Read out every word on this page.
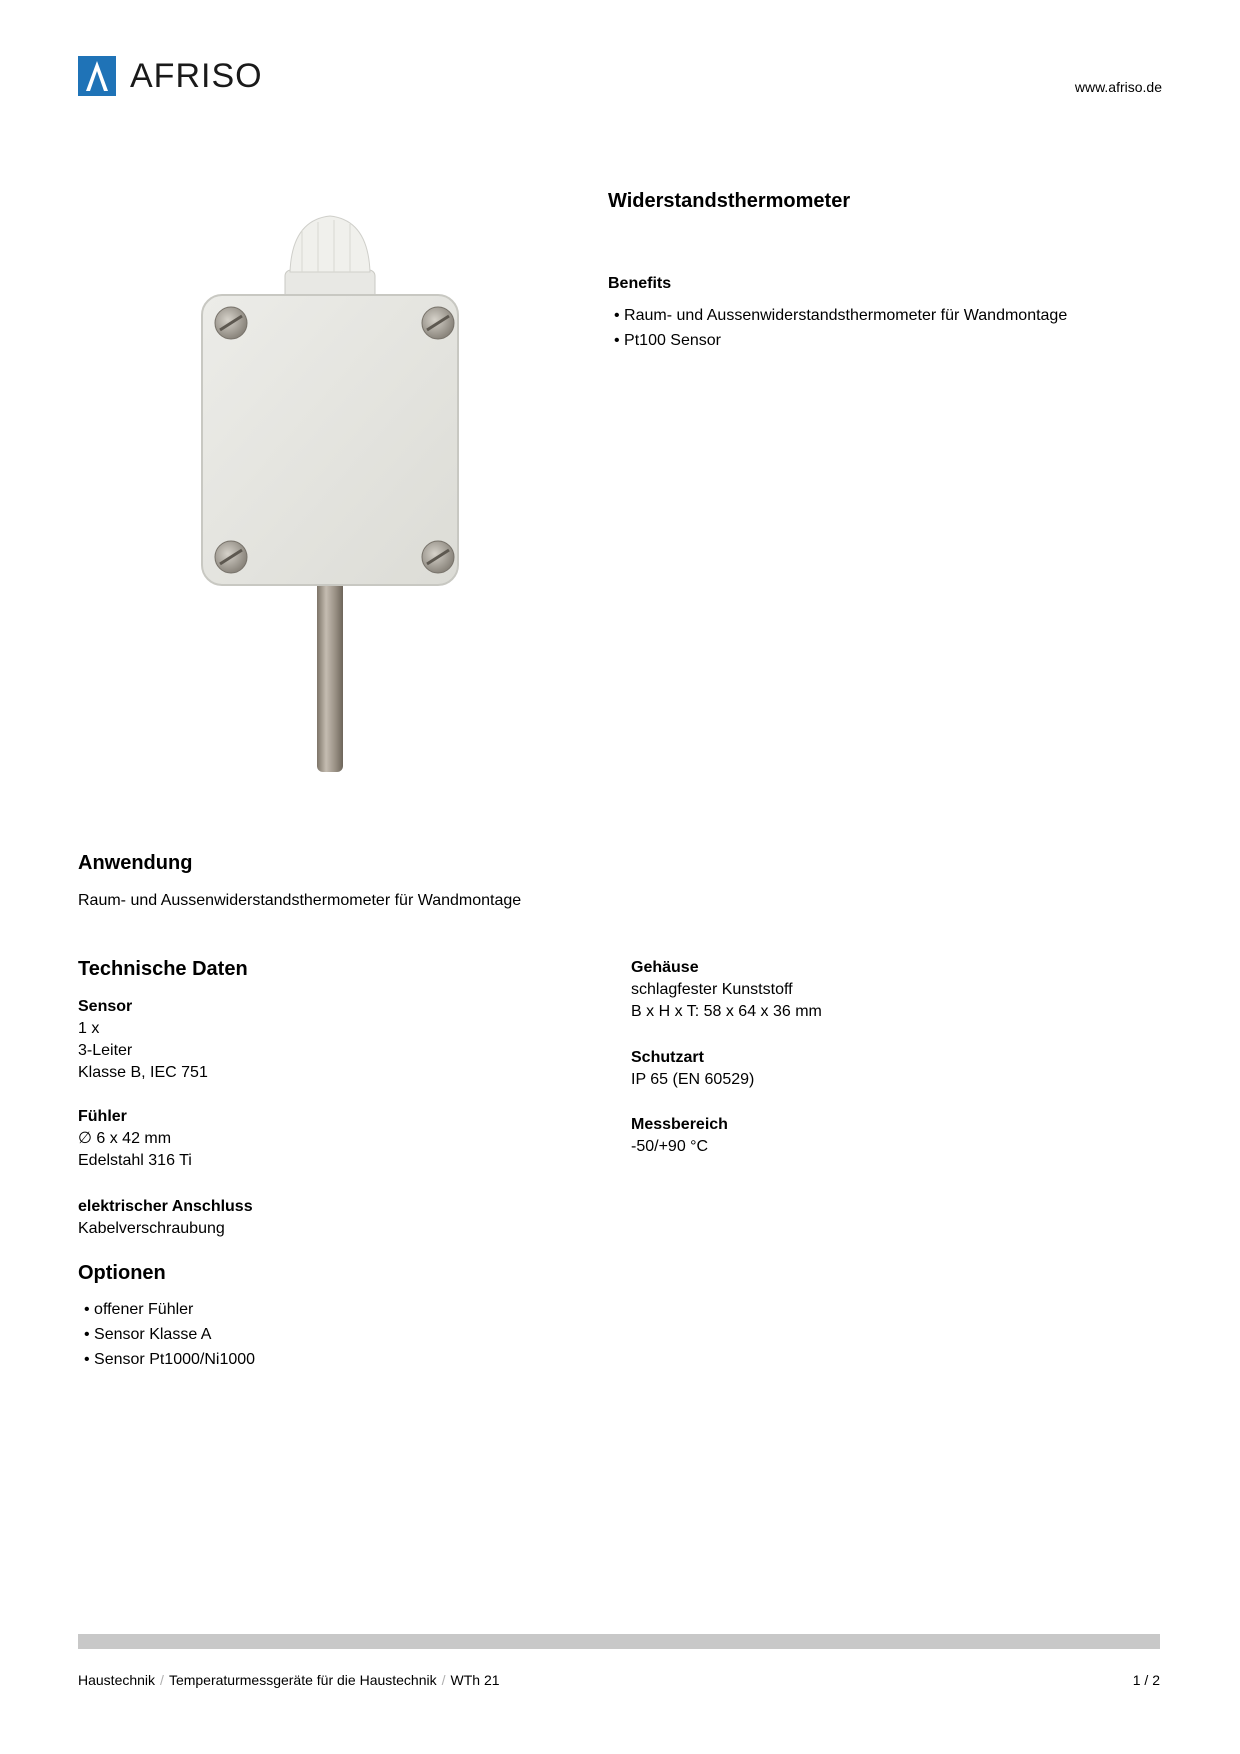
AFRISO	www.afriso.de
Widerstandsthermometer
Benefits
• Raum- und Aussenwiderstandsthermometer für Wandmontage
• Pt100 Sensor
Anwendung
Raum- und Aussenwiderstandsthermometer für Wandmontage
Technische Daten
Sensor
1 x
3-Leiter
Klasse B, IEC 751
Fühler
∅ 6 x 42 mm
Edelstahl 316 Ti
elektrischer Anschluss
Kabelverschraubung
Gehäuse
schlagfester Kunststoff
B x H x T: 58 x 64 x 36 mm
Schutzart
IP 65 (EN 60529)
Messbereich
-50/+90 °C
Optionen
• offener Fühler
• Sensor Klasse A
• Sensor Pt1000/Ni1000
Haustechnik / Temperaturmessgeräte für die Haustechnik / WTh 21	1 / 2
